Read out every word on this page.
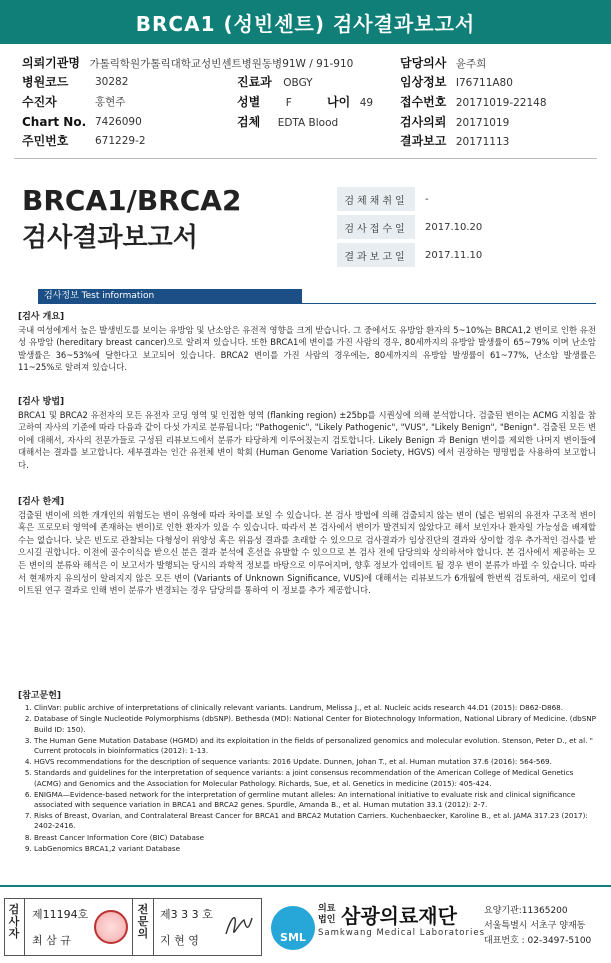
BRCA1 (성빈센트) 검사결과보고서
의뢰기관명 가톨릭학원가톨릭대학교성빈센트병원동병91W / 91-910	담당의사 윤주희
병원코드	30282	진료과 OBGY	임상정보 I76711A80
수진자	홍현주	성별 F	나이 49 접수번호 20171019-22148
Chart No. 7426090	검체 EDTA Blood	검사의뢰 20171019
주민번호	671229-2	결과보고 20171113
BRCA1/BRCA2
검사결과보고서
검체채취일	-
검사접수일	2017.10.20
결과보고일	2017.11.10
검사정보 Test information
[검사 개요]

국내 여성에게서 높은 발생빈도를 보이는 유방암 및 난소암은 유전적 영향을 크게 받습니다. 그 중에서도 유방암 환자의 5~10%는 BRCA1,2 변이로 인한 유전성 유방암 (hereditary breast cancer)으로 알려져 있습니다. 또한 BRCA1에 변이를 가진 사람의 경우, 80세까지의 유방암 발생률이 65~79% 이며 난소암 발생률은 36~53%에 달한다고 보고되어 있습니다. BRCA2 변이를 가진 사람의 경우에는, 80세까지의 유방암 발생률이 61~77%, 난소암 발생률은 11~25%로 알려져 있습니다.

[검사 방법]

BRCA1 및 BRCA2 유전자의 모든 유전자 코딩 영역 및 인접한 영역 (flanking region) ±25bp를 시퀀싱에 의해 분석합니다. 검출된 변이는 ACMG 지침을 참고하여 자사의 기준에 따라 다음과 같이 다섯 가지로 분류됩니다; "Pathogenic", "Likely Pathogenic", "VUS", "Likely Benign", "Benign". 검출된 모든 변이에 대해서, 자사의 전문가들로 구성된 리뷰보드에서 분류가 타당하게 이루어졌는지 검토합니다. Likely Benign 과 Benign 변이를 제외한 나머지 변이들에 대해서는 결과를 보고합니다. 세부결과는 인간 유전체 변이 학회 (Human Genome Variation Society, HGVS) 에서 권장하는 명명법을 사용하여 보고합니다.

[검사 한계]

검출된 변이에 의한 개개인의 위험도는 변이 유형에 따라 차이를 보일 수 있습니다. 본 검사 방법에 의해 검출되지 않는 변이 (넓은 범위의 유전자 구조적 변이 혹은 프로모터 영역에 존재하는 변이)로 인한 환자가 있을 수 있습니다. 따라서 본 검사에서 변이가 발견되지 않았다고 해서 보인자나 환자일 가능성을 배제할 수는 없습니다. 낮은 빈도로 관찰되는 다형성이 위양성 혹은 위음성 결과를 초래할 수 있으므로 검사결과가 임상진단의 결과와 상이할 경우 추가적인 검사를 받으시길 권합니다. 이전에 골수이식을 받으신 분은 결과 분석에 혼선을 유발할 수 있으므로 본 검사 전에 담당의와 상의하셔야 합니다. 본 검사에서 제공하는 모든 변이의 분류와 해석은 이 보고서가 발행되는 당시의 과학적 정보를 바탕으로 이루어지며, 향후 정보가 업데이트 될 경우 변이 분류가 바뀔 수 있습니다. 따라서 현재까지 유의성이 알려지지 않은 모든 변이 (Variants of Unknown Significance, VUS)에 대해서는 리뷰보드가 6개월에 한번씩 검토하여, 새로이 업데이트된 연구 결과로 인해 변이 분류가 변경되는 경우 담당의를 통하여 이 정보를 추가 제공합니다.

[참고문헌]
1. ClinVar: public archive of interpretations of clinically relevant variants. Landrum, Melissa J., et al. Nucleic acids research 44.D1 (2015): D862-D868.
2. Database of Single Nucleotide Polymorphisms (dbSNP). Bethesda (MD): National Center for Biotechnology Information, National Library of Medicine. (dbSNP Build ID: 150).
3. The Human Gene Mutation Database (HGMD) and its exploitation in the fields of personalized genomics and molecular evolution. Stenson, Peter D., et al. " Current protocols in bioinformatics (2012): 1-13.
4. HGVS recommendations for the description of sequence variants: 2016 Update. Dunnen, Johan T., et al. Human mutation 37.6 (2016): 564-569.
5. Standards and guidelines for the interpretation of sequence variants: a joint consensus recommendation of the American College of Medical Genetics (ACMG) and Genomics and the Association for Molecular Pathology. Richards, Sue, et al. Genetics in medicine (2015): 405-424.
6. ENIGMA—Evidence-based network for the interpretation of germline mutant alleles: An international initiative to evaluate risk and clinical significance associated with sequence variation in BRCA1 and BRCA2 genes. Spurdle, Amanda B., et al. Human mutation 33.1 (2012): 2-7.
7. Risks of Breast, Ovarian, and Contralateral Breast Cancer for BRCA1 and BRCA2 Mutation Carriers. Kuchenbaecker, Karoline B., et al. JAMA 317.23 (2017): 2402-2416.
8. Breast Cancer Information Core (BIC) Database
9. LabGenomics BRCA1,2 variant Database
검사자
제11194호
최 삼 규
전문의
제3 3 3 호
지 현 영	SML
의료
법인 삼광의료재단
Samkwang Medical Laboratories
요양기관:11365200
서울특별시 서초구 양재동
대표번호 : 02-3497-5100
